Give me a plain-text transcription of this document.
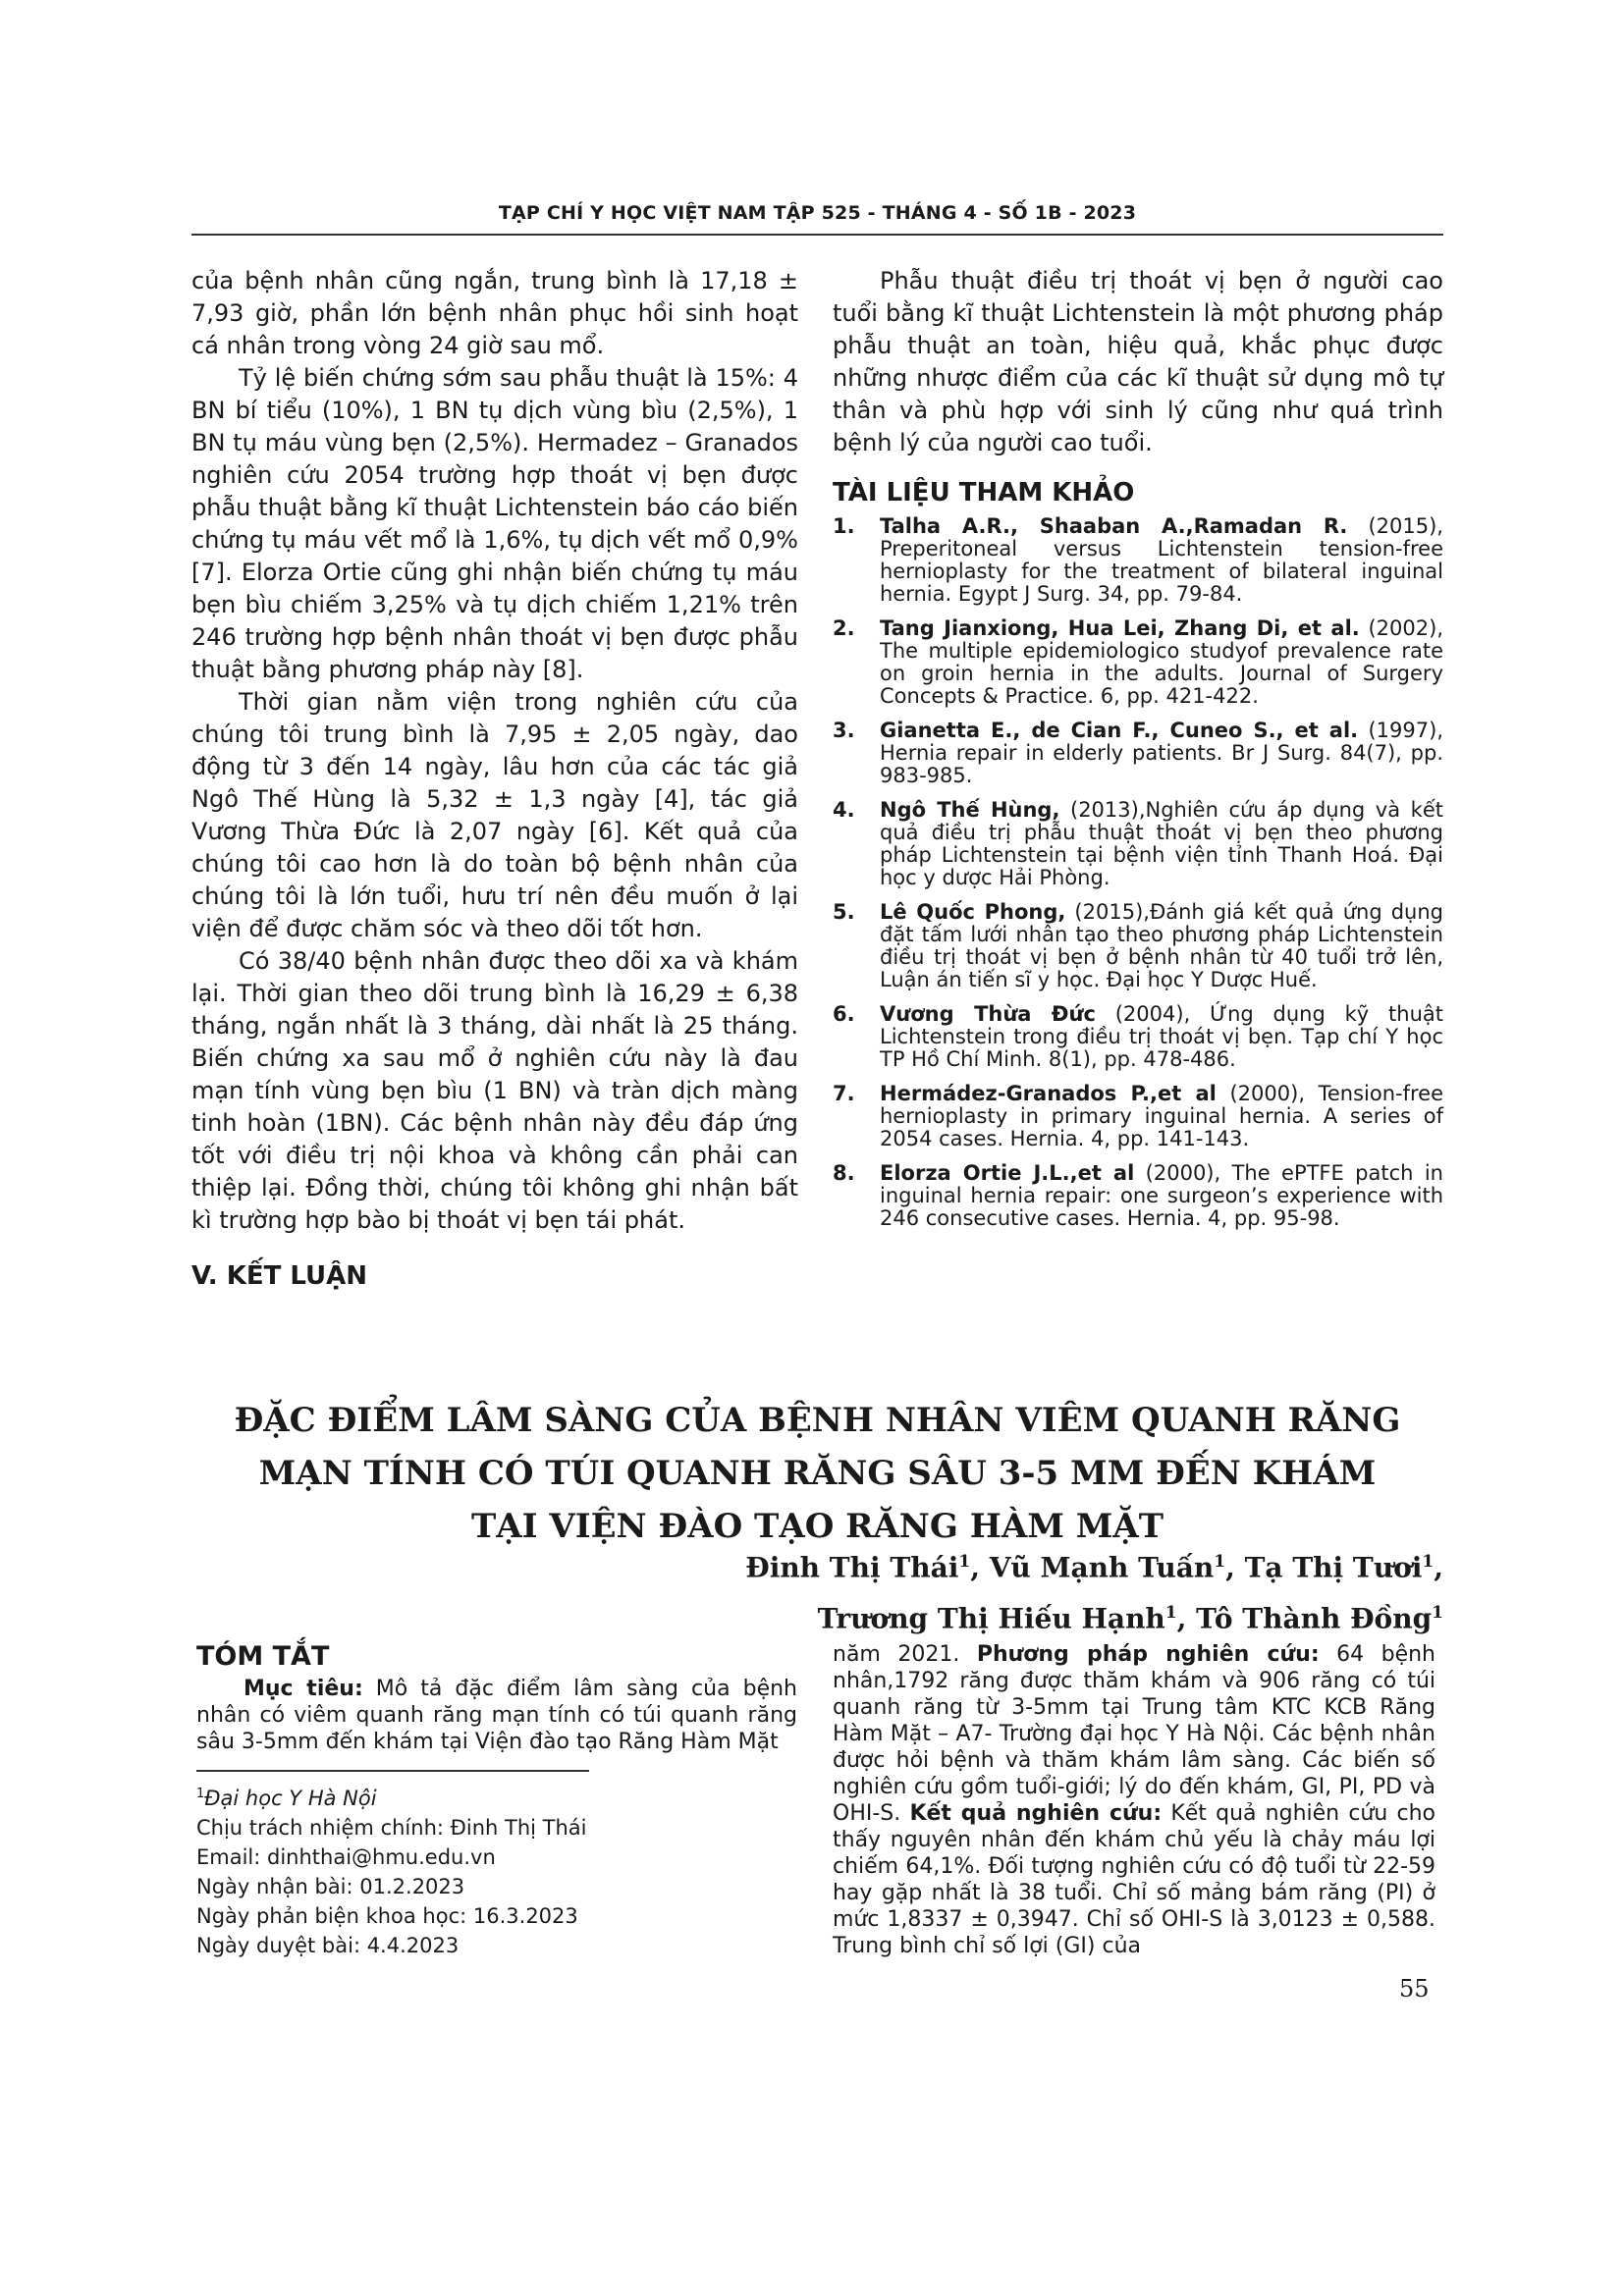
TẠP CHÍ Y HỌC VIỆT NAM TẬP 525 - THÁNG 4 - SỐ 1B - 2023

của bệnh nhân cũng ngắn, trung bình là 17,18 ± 7,93 giờ, phần lớn bệnh nhân phục hồi sinh hoạt cá nhân trong vòng 24 giờ sau mổ.

Tỷ lệ biến chứng sớm sau phẫu thuật là 15%: 4 BN bí tiểu (10%), 1 BN tụ dịch vùng bìu (2,5%), 1 BN tụ máu vùng bẹn (2,5%). Hermadez – Granados nghiên cứu 2054 trường hợp thoát vị bẹn được phẫu thuật bằng kĩ thuật Lichtenstein báo cáo biến chứng tụ máu vết mổ là 1,6%, tụ dịch vết mổ 0,9% [7]. Elorza Ortie cũng ghi nhận biến chứng tụ máu bẹn bìu chiếm 3,25% và tụ dịch chiếm 1,21% trên 246 trường hợp bệnh nhân thoát vị bẹn được phẫu thuật bằng phương pháp này [8].

Thời gian nằm viện trong nghiên cứu của chúng tôi trung bình là 7,95 ± 2,05 ngày, dao động từ 3 đến 14 ngày, lâu hơn của các tác giả Ngô Thế Hùng là 5,32 ± 1,3 ngày [4], tác giả Vương Thừa Đức là 2,07 ngày [6]. Kết quả của chúng tôi cao hơn là do toàn bộ bệnh nhân của chúng tôi là lớn tuổi, hưu trí nên đều muốn ở lại viện để được chăm sóc và theo dõi tốt hơn.

Có 38/40 bệnh nhân được theo dõi xa và khám lại. Thời gian theo dõi trung bình là 16,29 ± 6,38 tháng, ngắn nhất là 3 tháng, dài nhất là 25 tháng. Biến chứng xa sau mổ ở nghiên cứu này là đau mạn tính vùng bẹn bìu (1 BN) và tràn dịch màng tinh hoàn (1BN). Các bệnh nhân này đều đáp ứng tốt với điều trị nội khoa và không cần phải can thiệp lại. Đồng thời, chúng tôi không ghi nhận bất kì trường hợp bào bị thoát vị bẹn tái phát.

V. KẾT LUẬN

Phẫu thuật điều trị thoát vị bẹn ở người cao tuổi bằng kĩ thuật Lichtenstein là một phương pháp phẫu thuật an toàn, hiệu quả, khắc phục được những nhược điểm của các kĩ thuật sử dụng mô tự thân và phù hợp với sinh lý cũng như quá trình bệnh lý của người cao tuổi.

TÀI LIỆU THAM KHẢO

1. Talha A.R., Shaaban A.,Ramadan R. (2015), Preperitoneal versus Lichtenstein tension-free hernioplasty for the treatment of bilateral inguinal hernia. Egypt J Surg. 34, pp. 79-84.
2. Tang Jianxiong, Hua Lei, Zhang Di, et al. (2002), The multiple epidemiologico studyof prevalence rate on groin hernia in the adults. Journal of Surgery Concepts & Practice. 6, pp. 421-422.
3. Gianetta E., de Cian F., Cuneo S., et al. (1997), Hernia repair in elderly patients. Br J Surg. 84(7), pp. 983-985.
4. Ngô Thế Hùng, (2013),Nghiên cứu áp dụng và kết quả điều trị phẫu thuật thoát vị bẹn theo phương pháp Lichtenstein tại bệnh viện tỉnh Thanh Hoá. Đại học y dược Hải Phòng.
5. Lê Quốc Phong, (2015),Đánh giá kết quả ứng dụng đặt tấm lưới nhân tạo theo phương pháp Lichtenstein điều trị thoát vị bẹn ở bệnh nhân từ 40 tuổi trở lên, Luận án tiến sĩ y học. Đại học Y Dược Huế.
6. Vương Thừa Đức (2004), Ứng dụng kỹ thuật Lichtenstein trong điều trị thoát vị bẹn. Tạp chí Y học TP Hồ Chí Minh. 8(1), pp. 478-486.
7. Hermádez-Granados P.,et al (2000), Tension-free hernioplasty in primary inguinal hernia. A series of 2054 cases. Hernia. 4, pp. 141-143.
8. Elorza Ortie J.L.,et al (2000), The ePTFE patch in inguinal hernia repair: one surgeon’s experience with 246 consecutive cases. Hernia. 4, pp. 95-98.
ĐẶC ĐIỂM LÂM SÀNG CỦA BỆNH NHÂN VIÊM QUANH RĂNG
MẠN TÍNH CÓ TÚI QUANH RĂNG SÂU 3-5 MM ĐẾN KHÁM
TẠI VIỆN ĐÀO TẠO RĂNG HÀM MẶT
Đinh Thị Thái$^1$, Vũ Mạnh Tuấn$^1$, Tạ Thị Tươi$^1$,
Trương Thị Hiếu Hạnh$^1$, Tô Thành Đồng$^1$
TÓM TẮT

Mục tiêu: Mô tả đặc điểm lâm sàng của bệnh nhân có viêm quanh răng mạn tính có túi quanh răng sâu 3-5mm đến khám tại Viện đào tạo Răng Hàm Mặt

$^1$Đại học Y Hà Nội
Chịu trách nhiệm chính: Đinh Thị Thái
Email: dinhthai@hmu.edu.vn
Ngày nhận bài: 01.2.2023
Ngày phản biện khoa học: 16.3.2023
Ngày duyệt bài: 4.4.2023

năm 2021. Phương pháp nghiên cứu: 64 bệnh nhân,1792 răng được thăm khám và 906 răng có túi quanh răng từ 3-5mm tại Trung tâm KTC KCB Răng Hàm Mặt – A7- Trường đại học Y Hà Nội. Các bệnh nhân được hỏi bệnh và thăm khám lâm sàng. Các biến số nghiên cứu gồm tuổi-giới; lý do đến khám, GI, PI, PD và OHI-S. Kết quả nghiên cứu: Kết quả nghiên cứu cho thấy nguyên nhân đến khám chủ yếu là chảy máu lợi chiếm 64,1%. Đối tượng nghiên cứu có độ tuổi từ 22-59 hay gặp nhất là 38 tuổi. Chỉ số mảng bám răng (PI) ở mức 1,8337 ± 0,3947. Chỉ số OHI-S là 3,0123 ± 0,588. Trung bình chỉ số lợi (GI) của

55
